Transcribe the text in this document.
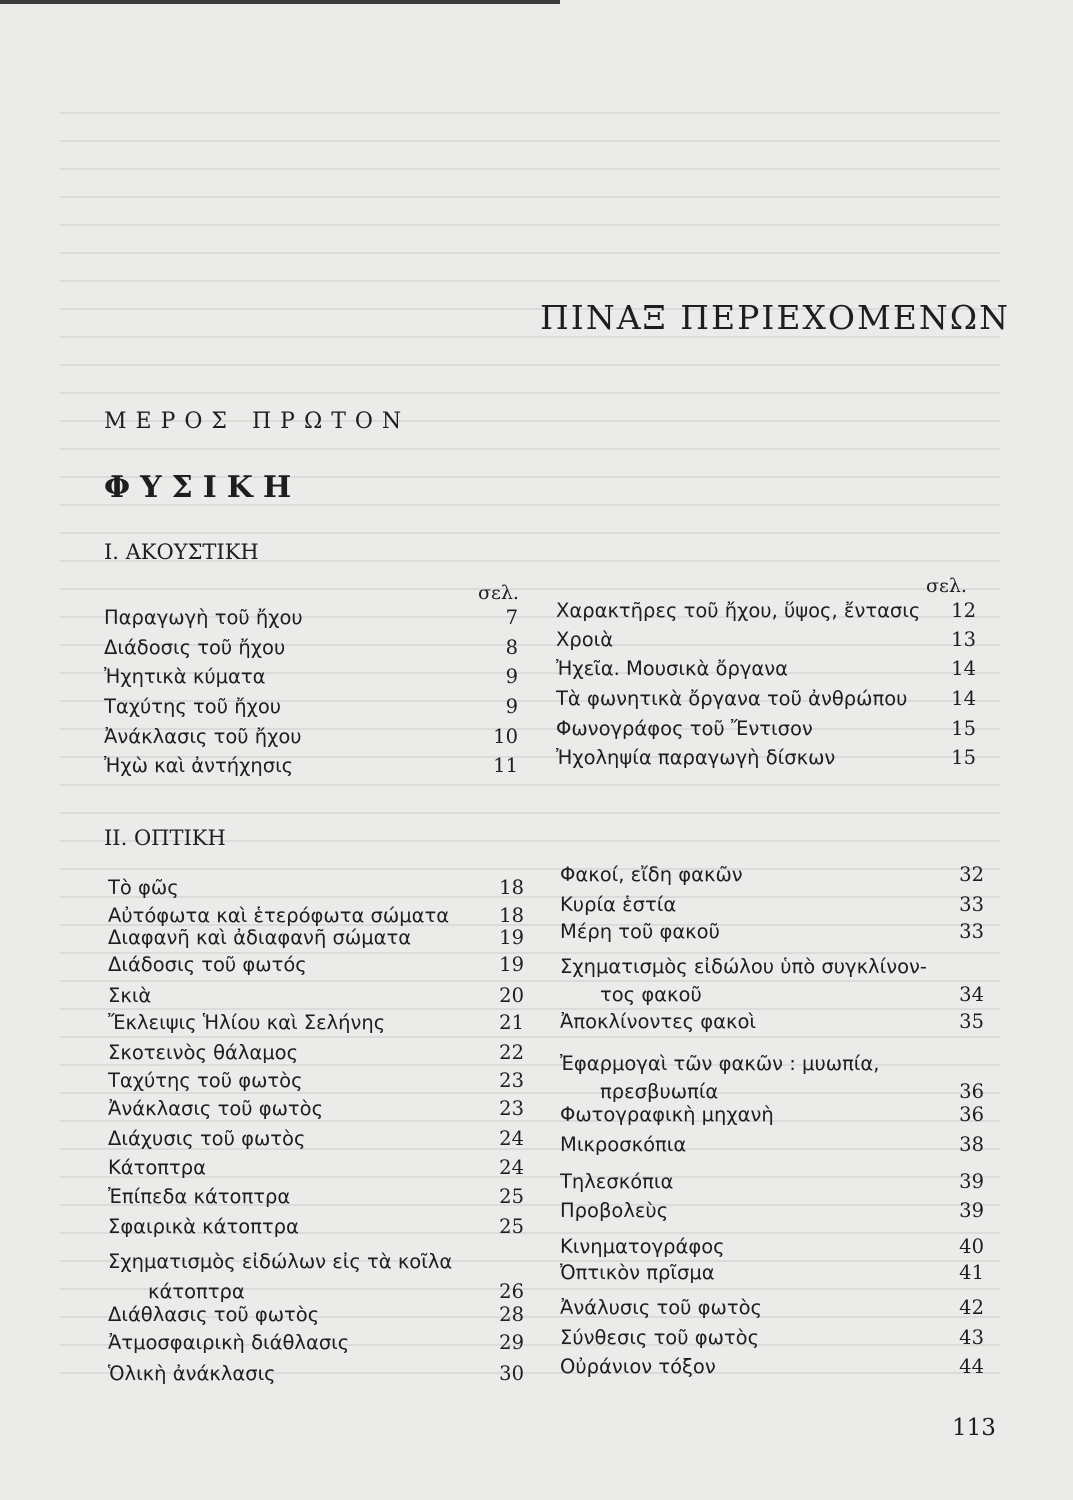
ΠΙΝΑΞ ΠΕΡΙΕΧΟΜΕΝΩΝ
ΜΕΡΟΣ ΠΡΩΤΟΝ
ΦΥΣΙΚΗ
Ι. ΑΚΟΥΣΤΙΚΗ
σελ.	σελ.
Παραγωγὴ τοῦ ἤχου	7
Διάδοσις τοῦ ἤχου	8
Ἠχητικὰ κύματα	9
Ταχύτης τοῦ ἤχου	9
Ἀνάκλασις τοῦ ἤχου	10
Ἠχὼ καὶ ἀντήχησις	11
Χαρακτῆρες τοῦ ἤχου, ὕψος, ἔντασις	12
Χροιὰ	13
Ἠχεῖα. Μουσικὰ ὄργανα	14
Τὰ φωνητικὰ ὄργανα τοῦ ἀνθρώπου	14
Φωνογράφος τοῦ Ἔντισον	15
Ἠχοληψία παραγωγὴ δίσκων	15
ΙΙ. ΟΠΤΙΚΗ
Τὸ φῶς	18
Αὐτόφωτα καὶ ἑτερόφωτα σώματα	18
Διαφανῆ καὶ ἀδιαφανῆ σώματα	19
Διάδοσις τοῦ φωτός	19
Σκιὰ	20
Ἔκλειψις Ἡλίου καὶ Σελήνης	21
Σκοτεινὸς θάλαμος	22
Ταχύτης τοῦ φωτὸς	23
Ἀνάκλασις τοῦ φωτὸς	23
Διάχυσις τοῦ φωτὸς	24
Κάτοπτρα	24
Ἐπίπεδα κάτοπτρα	25
Σφαιρικὰ κάτοπτρα	25
Σχηματισμὸς εἰδώλων εἰς τὰ κοῖλα
κάτοπτρα	26
Διάθλασις τοῦ φωτὸς	28
Ἀτμοσφαιρικὴ διάθλασις	29
Ὁλικὴ ἀνάκλασις	30
Φακοί, εἴδη φακῶν	32
Κυρία ἑστία	33
Μέρη τοῦ φακοῦ	33
Σχηματισμὸς εἰδώλου ὑπὸ συγκλίνον-
τος φακοῦ	34
Ἀποκλίνοντες φακοὶ	35
Ἐφαρμογαὶ τῶν φακῶν : μυωπία,
πρεσβυωπία	36
Φωτογραφικὴ μηχανὴ	36
Μικροσκόπια	38
Τηλεσκόπια	39
Προβολεὺς	39
Κινηματογράφος	40
Ὀπτικὸν πρῖσμα	41
Ἀνάλυσις τοῦ φωτὸς	42
Σύνθεσις τοῦ φωτὸς	43
Οὐράνιον τόξον	44
113
